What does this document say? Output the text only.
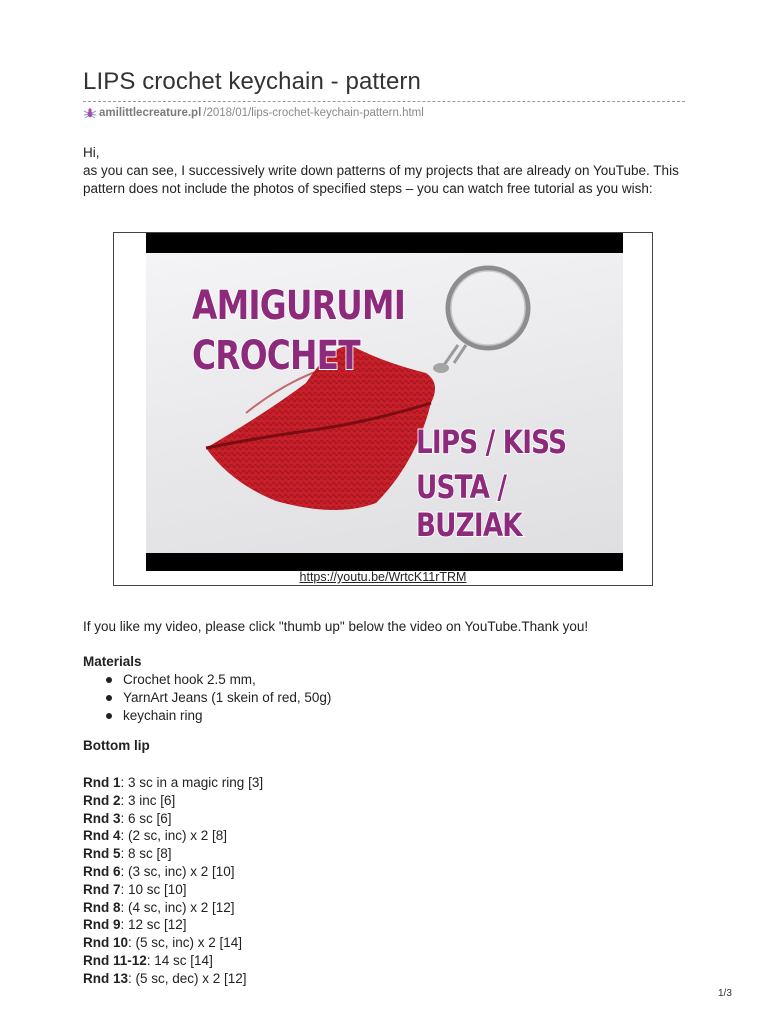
LIPS crochet keychain - pattern
amilittlecreature.pl /2018/01/lips-crochet-keychain-pattern.html

Hi,

as you can see, I successively write down patterns of my projects that are already on YouTube. This pattern does not include the photos of specified steps – you can watch free tutorial as you wish:

AMIGURUMI
CROCHET
LIPS / KISS
USTA / BUZIAK
https://youtu.be/WrtcK11rTRM
If you like my video, please click "thumb up" below the video on YouTube.Thank you!
Materials
Crochet hook 2.5 mm,
YarnArt Jeans (1 skein of red, 50g)
keychain ring
Bottom lip
Rnd 1: 3 sc in a magic ring [3]
Rnd 2: 3 inc [6]
Rnd 3: 6 sc [6]
Rnd 4: (2 sc, inc) x 2 [8]
Rnd 5: 8 sc [8]
Rnd 6: (3 sc, inc) x 2 [10]
Rnd 7: 10 sc [10]
Rnd 8: (4 sc, inc) x 2 [12]
Rnd 9: 12 sc [12]
Rnd 10: (5 sc, inc) x 2 [14]
Rnd 11-12: 14 sc [14]
Rnd 13: (5 sc, dec) x 2 [12]
1/3
